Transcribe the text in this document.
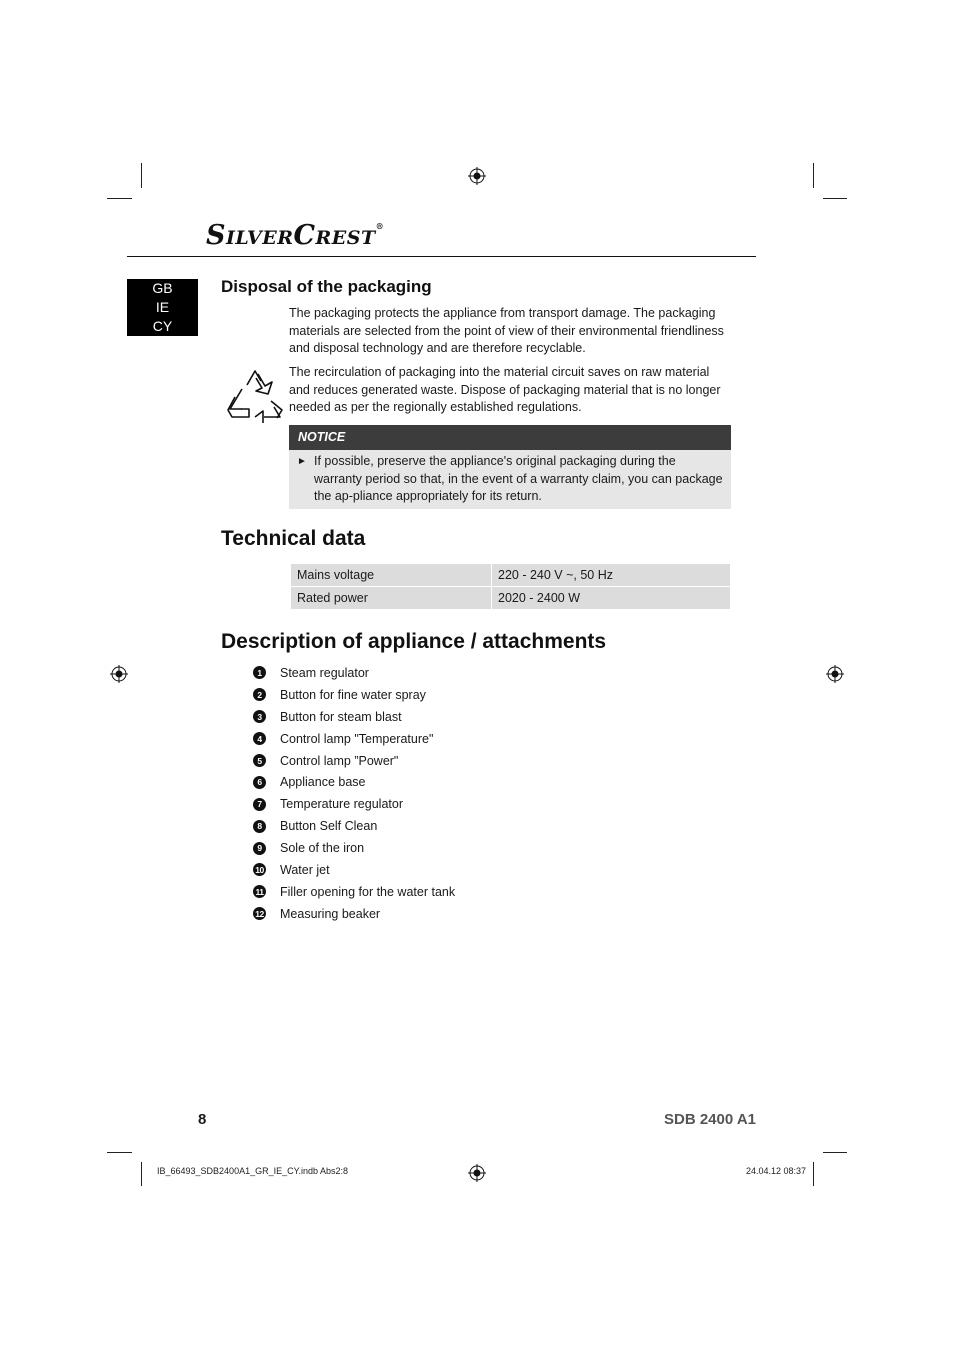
SILVERCREST®
GB
IE
CY
Disposal of the packaging
The packaging protects the appliance from transport damage. The packaging materials are selected from the point of view of their environmental friendliness and disposal technology and are therefore recyclable.
The recirculation of packaging into the material circuit saves on raw material and reduces generated waste. Dispose of packaging material that is no longer needed as per the regionally established regulations.
NOTICE
► If possible, preserve the appliance's original packaging during the warranty period so that, in the event of a warranty claim, you can package the ap-pliance appropriately for its return.
Technical data
Mains voltage	220 - 240 V ~, 50 Hz
Rated power	2020 - 2400 W
Description of appliance / attachments
1	Steam regulator
2	Button for fine water spray
3	Button for steam blast
4	Control lamp "Temperature"
5	Control lamp ”Power"
6	Appliance base
7	Temperature regulator
8	Button Self Clean
9	Sole of the iron
10 Water jet
11 Filler opening for the water tank
12 Measuring beaker
8	SDB 2400 A1
IB_66493_SDB2400A1_GR_IE_CY.indb Abs2:8	24.04.12 08:37
